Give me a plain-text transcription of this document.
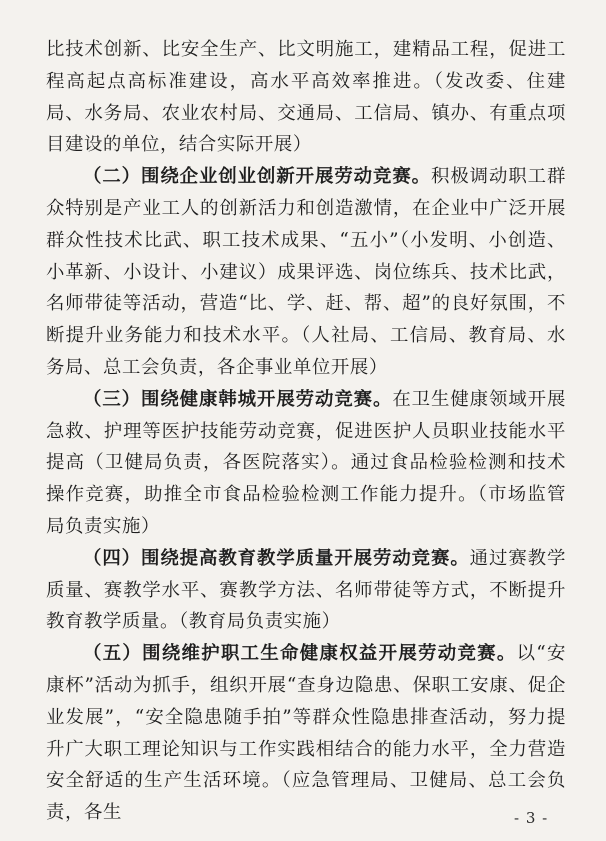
比技术创新、比安全生产、比文明施工，建精品工程，促进工程高起点高标准建设，高水平高效率推进。（发改委、住建局、水务局、农业农村局、交通局、工信局、镇办、有重点项目建设的单位，结合实际开展）

（二）围绕企业创业创新开展劳动竞赛。积极调动职工群众特别是产业工人的创新活力和创造激情，在企业中广泛开展群众性技术比武、职工技术成果、“五小”（小发明、小创造、小革新、小设计、小建议）成果评选、岗位练兵、技术比武，名师带徒等活动，营造“比、学、赶、帮、超”的良好氛围，不断提升业务能力和技术水平。（人社局、工信局、教育局、水务局、总工会负责，各企事业单位开展）

（三）围绕健康韩城开展劳动竞赛。在卫生健康领域开展急救、护理等医护技能劳动竞赛，促进医护人员职业技能水平提高（卫健局负责，各医院落实）。通过食品检验检测和技术操作竞赛，助推全市食品检验检测工作能力提升。（市场监管局负责实施）

（四）围绕提高教育教学质量开展劳动竞赛。通过赛教学质量、赛教学水平、赛教学方法、名师带徒等方式，不断提升教育教学质量。（教育局负责实施）

（五）围绕维护职工生命健康权益开展劳动竞赛。以“安康杯”活动为抓手，组织开展“查身边隐患、保职工安康、促企业发展”，“安全隐患随手拍”等群众性隐患排查活动，努力提升广大职工理论知识与工作实践相结合的能力水平，全力营造安全舒适的生产生活环境。（应急管理局、卫健局、总工会负责，各生	- 3 -
